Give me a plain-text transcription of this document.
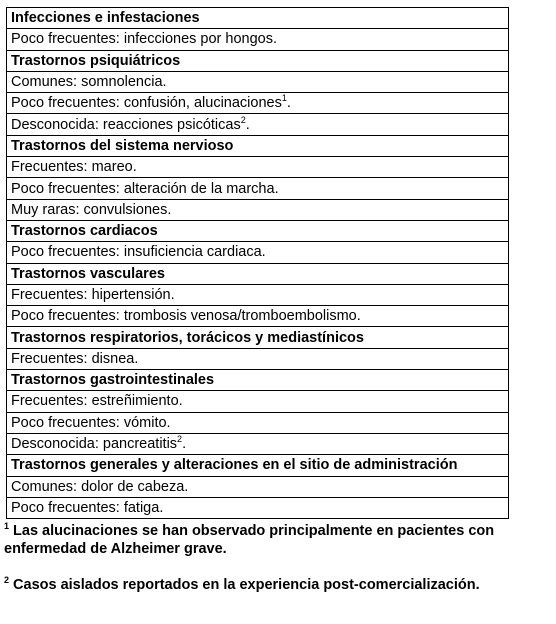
Infecciones e infestaciones
Poco frecuentes: infecciones por hongos.
Trastornos psiquiátricos
Comunes: somnolencia.
Poco frecuentes: confusión, alucinaciones$^1$.
Desconocida: reacciones psicóticas$^2$.
Trastornos del sistema nervioso
Frecuentes: mareo.
Poco frecuentes: alteración de la marcha.
Muy raras: convulsiones.
Trastornos cardiacos
Poco frecuentes: insuficiencia cardiaca.
Trastornos vasculares
Frecuentes: hipertensión.
Poco frecuentes: trombosis venosa/tromboembolismo.
Trastornos respiratorios, torácicos y mediastínicos
Frecuentes: disnea.
Trastornos gastrointestinales
Frecuentes: estreñimiento.
Poco frecuentes: vómito.
Desconocida: pancreatitis$^2$.
Trastornos generales y alteraciones en el sitio de administración
Comunes: dolor de cabeza.
Poco frecuentes: fatiga.

$^1$ Las alucinaciones se han observado principalmente en pacientes con enfermedad de Alzheimer grave.

$^2$ Casos aislados reportados en la experiencia post-comercialización.
